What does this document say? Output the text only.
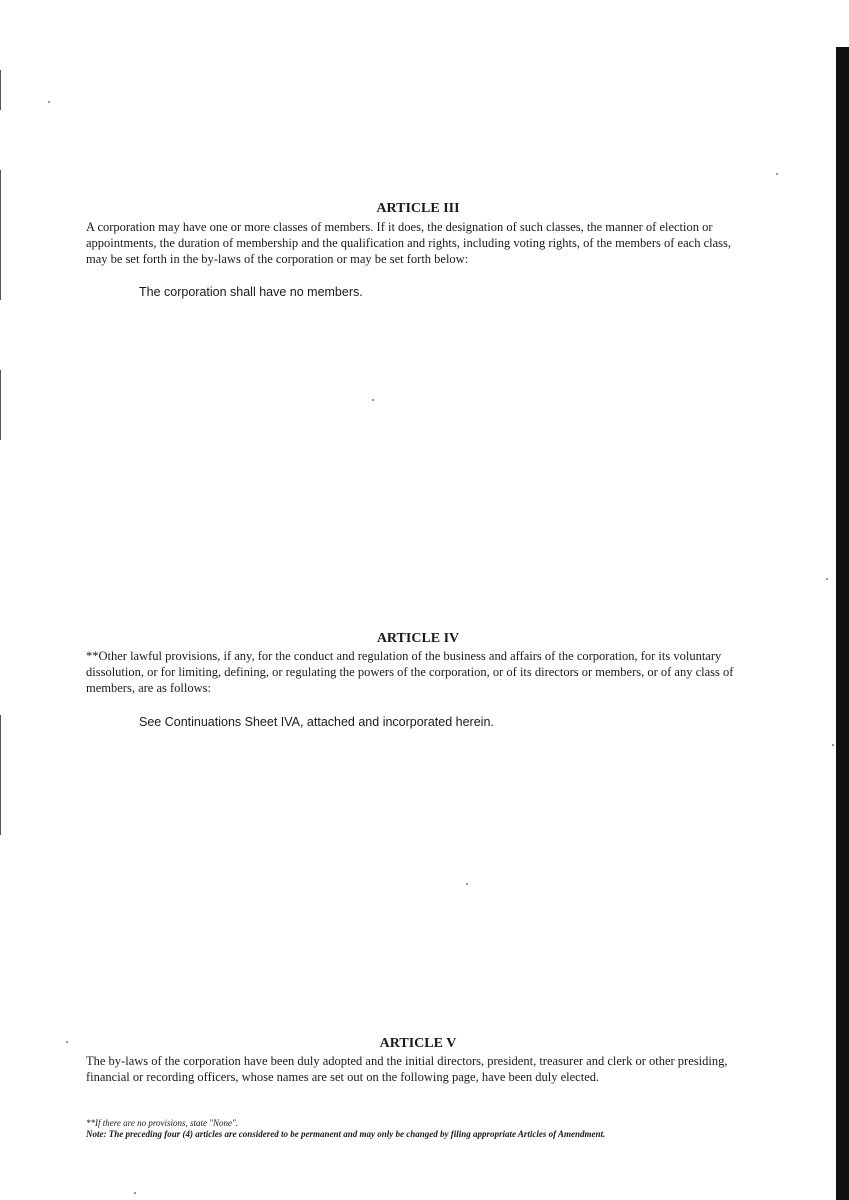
ARTICLE III

A corporation may have one or more classes of members. If it does, the designation of such classes, the manner of election or appointments, the duration of membership and the qualification and rights, including voting rights, of the members of each class, may be set forth in the by-laws of the corporation or may be set forth below:

The corporation shall have no members.

ARTICLE IV

**Other lawful provisions, if any, for the conduct and regulation of the business and affairs of the corporation, for its voluntary dissolution, or for limiting, defining, or regulating the powers of the corporation, or of its directors or members, or of any class of members, are as follows:

See Continuations Sheet IVA, attached and incorporated herein.

ARTICLE V

The by-laws of the corporation have been duly adopted and the initial directors, president, treasurer and clerk or other presiding, financial or recording officers, whose names are set out on the following page, have been duly elected.

**If there are no provisions, state "None".

Note: The preceding four (4) articles are considered to be permanent and may only be changed by filing appropriate Articles of Amendment.
